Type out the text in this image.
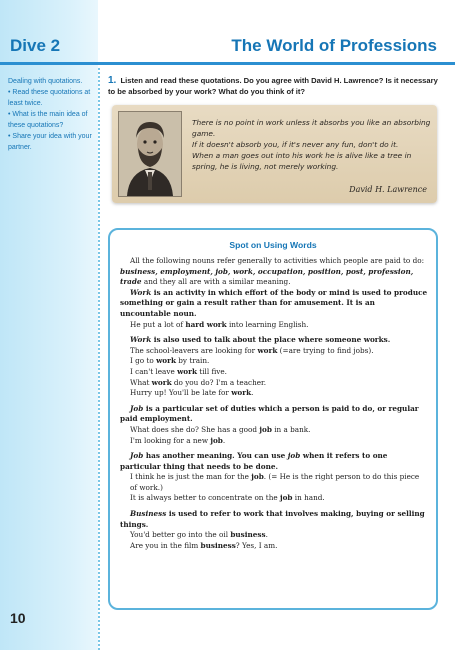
Dive 2	The World of Professions

Dealing with quotations.

• Read these quotations at least twice.

• What is the main idea of these quotations?

• Share your idea with your partner.

1. Listen and read these quotations. Do you agree with David H. Lawrence? Is it necessary to be absorbed by your work? What do you think of it?

There is no point in work unless it absorbs you like an absorbing game.

If it doesn't absorb you, if it's never any fun, don't do it.

When a man goes out into his work he is alive like a tree in spring, he is living, not merely working.

David H. Lawrence
Spot on Using Words

All the following nouns refer generally to activities which people are paid to do: business, employment, job, work, occupation, position, post, profession, trade and they all are with a similar meaning.

Work is an activity in which effort of the body or mind is used to produce something or gain a result rather than for amusement. It is an uncountable noun.

He put a lot of hard work into learning English.

Work is also used to talk about the place where someone works.

The school-leavers are looking for work (=are trying to find jobs).

I go to work by train.

I can't leave work till five.

What work do you do? I'm a teacher.

Hurry up! You'll be late for work.

Job is a particular set of duties which a person is paid to do, or regular paid employment.

What does she do? She has a good job in a bank.

I'm looking for a new job.

Job has another meaning. You can use job when it refers to one particular thing that needs to be done.

I think he is just the man for the job. (= He is the right person to do this piece of work.)

It is always better to concentrate on the job in hand.

Business is used to refer to work that involves making, buying or selling things.

You'd better go into the oil business.

Are you in the film business? Yes, I am.

10
